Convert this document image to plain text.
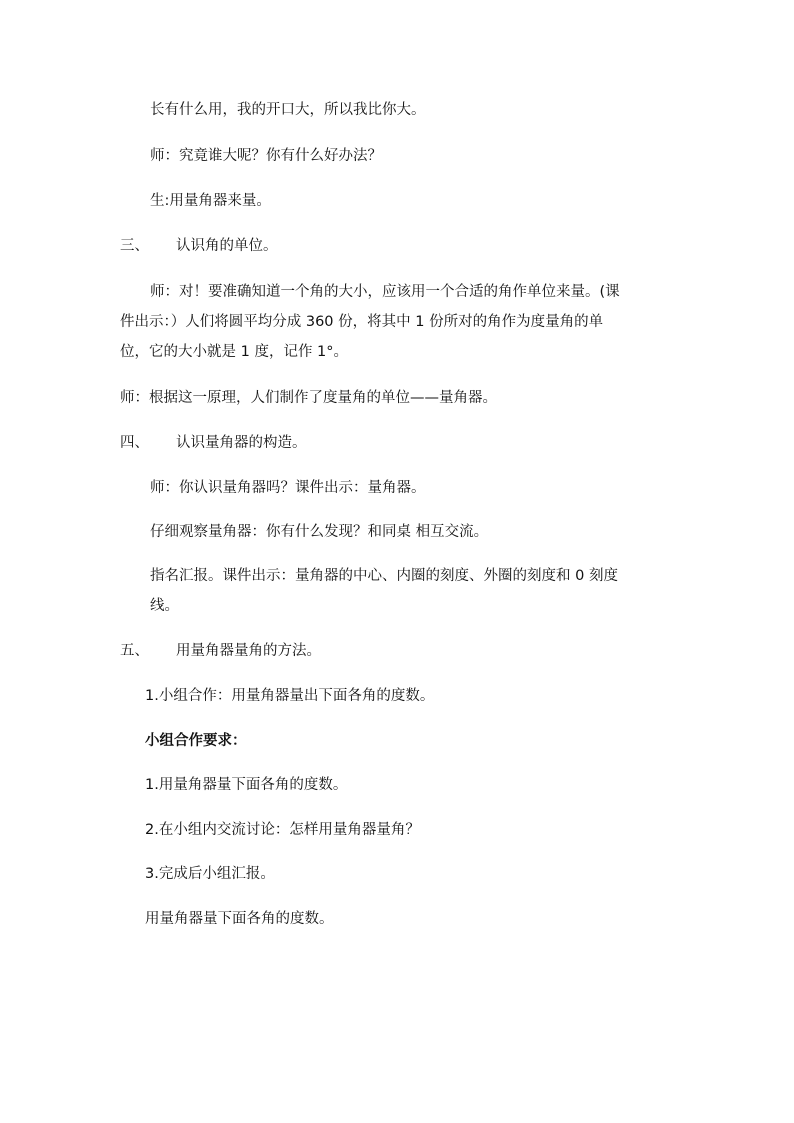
长有什么用，我的开口大，所以我比你大。
师：究竟谁大呢？你有什么好办法？
生:用量角器来量。
三、 认识角的单位。
师：对！要准确知道一个角的大小，应该用一个合适的角作单位来量。(课
件出示：）人们将圆平均分成 360 份，将其中 1 份所对的角作为度量角的单
位，它的大小就是 1 度，记作 1°。
师：根据这一原理，人们制作了度量角的单位——量角器。
四、 认识量角器的构造。
师：你认识量角器吗？课件出示：量角器。
仔细观察量角器：你有什么发现？和同桌 相互交流。
指名汇报。课件出示：量角器的中心、内圈的刻度、外圈的刻度和 0 刻度
线。
五、 用量角器量角的方法。
1.小组合作：用量角器量出下面各角的度数。
小组合作要求：
1.用量角器量下面各角的度数。
2.在小组内交流讨论：怎样用量角器量角？
3.完成后小组汇报。
用量角器量下面各角的度数。
